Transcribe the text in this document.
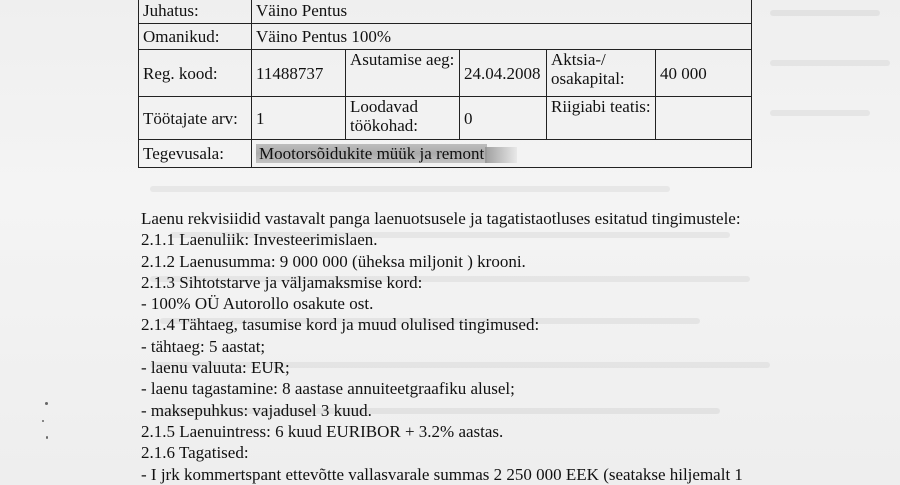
Juhatus:	Väino Pentus				
Omanikud:	Väino Pentus 100%				
Reg. kood:	11488737	Asutamise aeg:	24.04.2008	Aktsia-/ osakapital:	40 000
Töötajate arv:	1	Loodavad töökohad:	0	Riigiabi teatis:	
Tegevusala:	Mootorsõidukite müük ja remont				
Laenu rekvisiidid vastavalt panga laenuotsusele ja tagatistaotluses esitatud tingimustele:
2.1.1 Laenuliik: Investeerimislaen.
2.1.2 Laenusumma: 9 000 000 (üheksa miljonit ) krooni.
2.1.3 Sihtotstarve ja väljamaksmise kord:
- 100% OÜ Autorollo osakute ost.
2.1.4 Tähtaeg, tasumise kord ja muud olulised tingimused:
- tähtaeg: 5 aastat;
- laenu valuuta: EUR;
- laenu tagastamine: 8 aastase annuiteetgraafiku alusel;
- maksepuhkus: vajadusel 3 kuud.
2.1.5 Laenuintress: 6 kuud EURIBOR + 3.2% aastas.
2.1.6 Tagatised:
- I jrk kommertspant ettevõtte vallasvarale summas 2 250 000 EEK (seatakse hiljemalt 1
